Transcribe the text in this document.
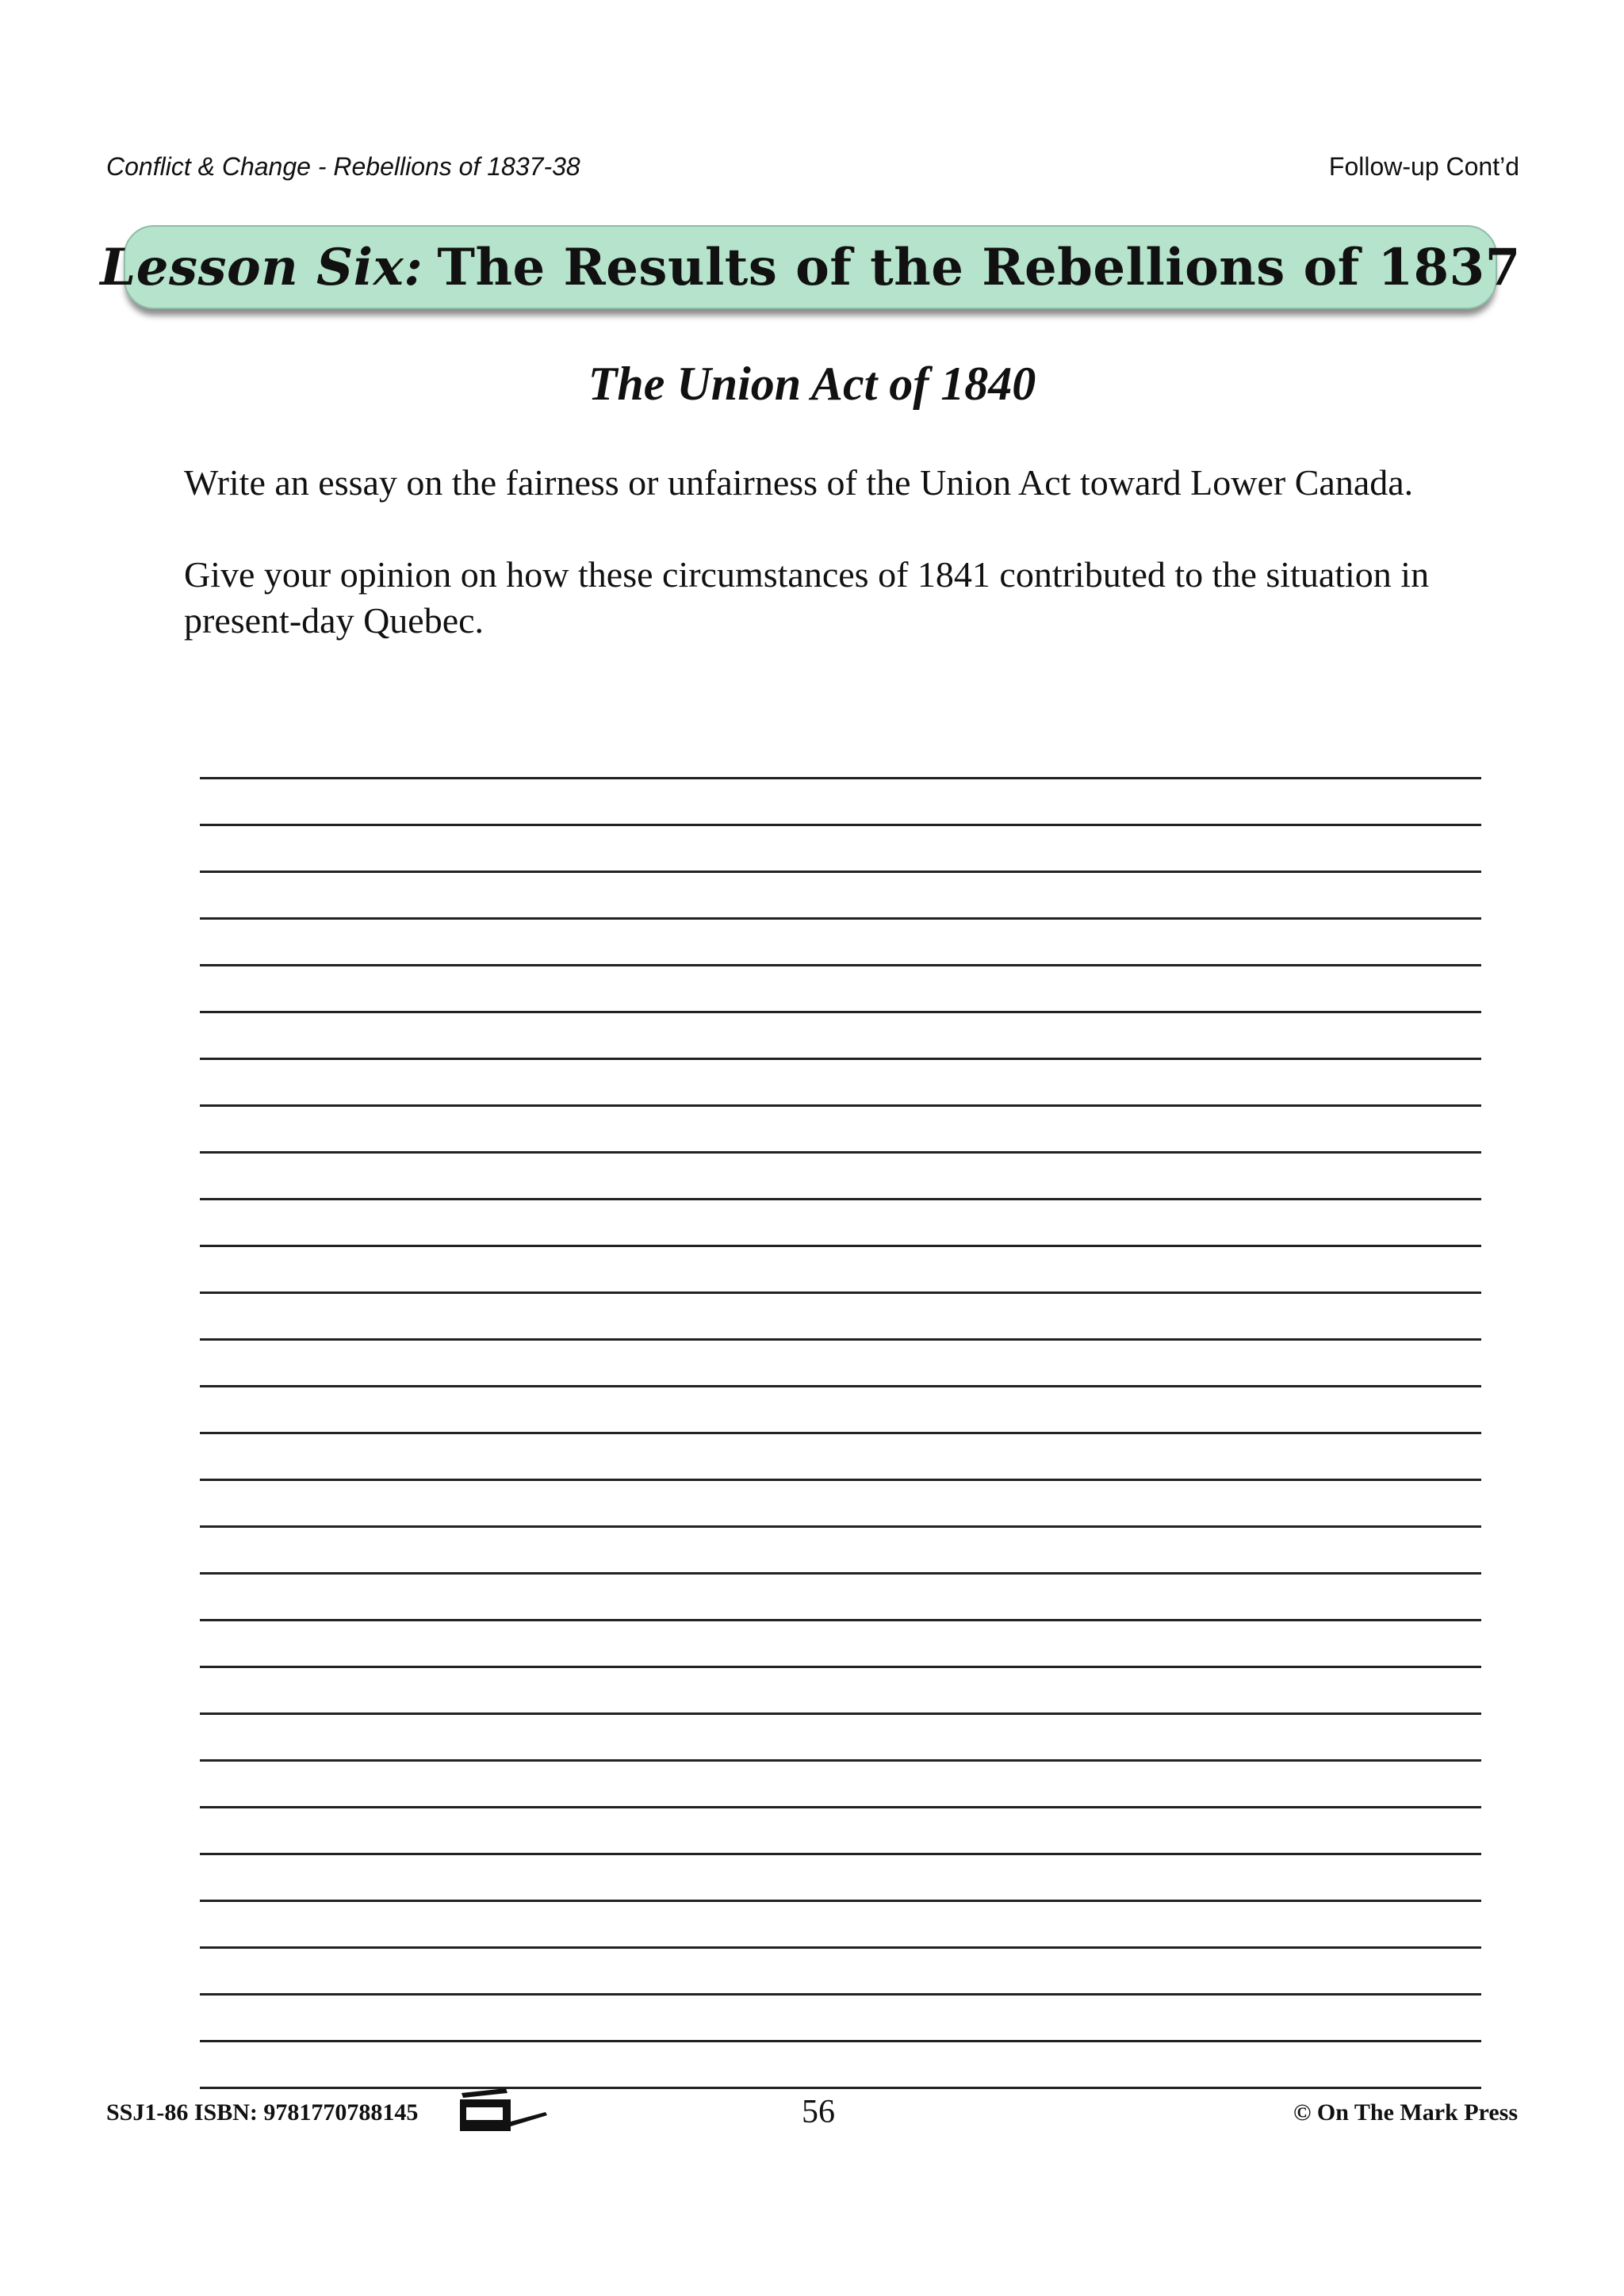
Conflict & Change - Rebellions of 1837-38	Follow-up Cont’d
Lesson Six: The Results of the Rebellions of 1837
The Union Act of 1840

Write an essay on the fairness or unfairness of the Union Act toward Lower Canada.

Give your opinion on how these circumstances of 1841 contributed to the situation in present-day Quebec.

SSJ1-86 ISBN: 9781770788145	56	© On The Mark Press
